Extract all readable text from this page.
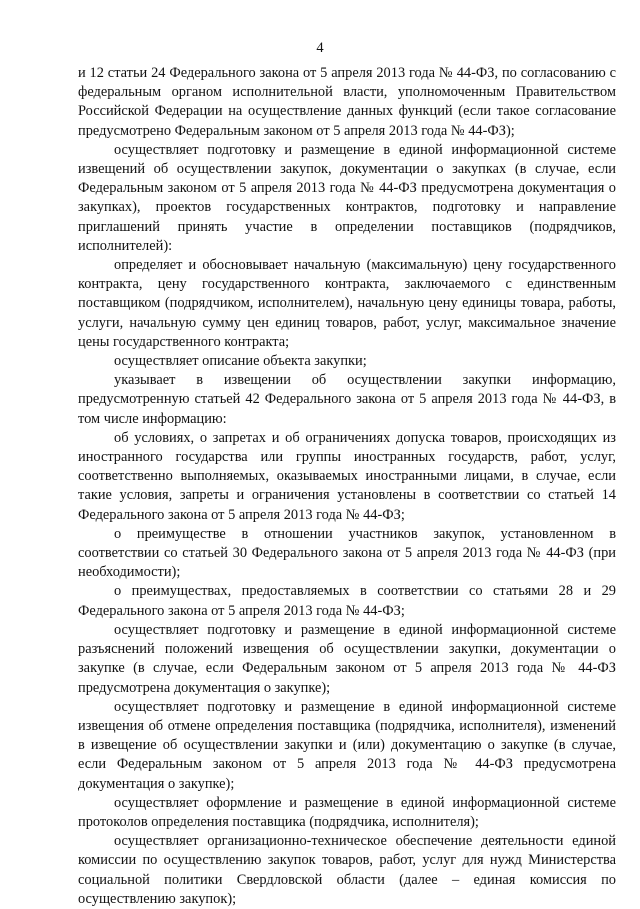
4

и 12 статьи 24 Федерального закона от 5 апреля 2013 года № 44-ФЗ, по согласованию с федеральным органом исполнительной власти, уполномоченным Правительством Российской Федерации на осуществление данных функций (если такое согласование предусмотрено Федеральным законом от 5 апреля 2013 года № 44-ФЗ);

осуществляет подготовку и размещение в единой информационной системе извещений об осуществлении закупок, документации о закупках (в случае, если Федеральным законом от 5 апреля 2013 года № 44-ФЗ предусмотрена документация о закупках), проектов государственных контрактов, подготовку и направление приглашений принять участие в определении поставщиков (подрядчиков, исполнителей):

определяет и обосновывает начальную (максимальную) цену государственного контракта, цену государственного контракта, заключаемого с единственным поставщиком (подрядчиком, исполнителем), начальную цену единицы товара, работы, услуги, начальную сумму цен единиц товаров, работ, услуг, максимальное значение цены государственного контракта;

осуществляет описание объекта закупки;

указывает в извещении об осуществлении закупки информацию, предусмотренную статьей 42 Федерального закона от 5 апреля 2013 года № 44-ФЗ, в том числе информацию:

об условиях, о запретах и об ограничениях допуска товаров, происходящих из иностранного государства или группы иностранных государств, работ, услуг, соответственно выполняемых, оказываемых иностранными лицами, в случае, если такие условия, запреты и ограничения установлены в соответствии со статьей 14 Федерального закона от 5 апреля 2013 года № 44-ФЗ;

о преимуществе в отношении участников закупок, установленном в соответствии со статьей 30 Федерального закона от 5 апреля 2013 года № 44-ФЗ (при необходимости);

о преимуществах, предоставляемых в соответствии со статьями 28 и 29 Федерального закона от 5 апреля 2013 года № 44-ФЗ;

осуществляет подготовку и размещение в единой информационной системе разъяснений положений извещения об осуществлении закупки, документации о закупке (в случае, если Федеральным законом от 5 апреля 2013 года № 44-ФЗ предусмотрена документация о закупке);

осуществляет подготовку и размещение в единой информационной системе извещения об отмене определения поставщика (подрядчика, исполнителя), изменений в извещение об осуществлении закупки и (или) документацию о закупке (в случае, если Федеральным законом от 5 апреля 2013 года № 44-ФЗ предусмотрена документация о закупке);

осуществляет оформление и размещение в единой информационной системе протоколов определения поставщика (подрядчика, исполнителя);

осуществляет организационно-техническое обеспечение деятельности единой комиссии по осуществлению закупок товаров, работ, услуг для нужд Министерства социальной политики Свердловской области (далее – единая комиссия по осуществлению закупок);
